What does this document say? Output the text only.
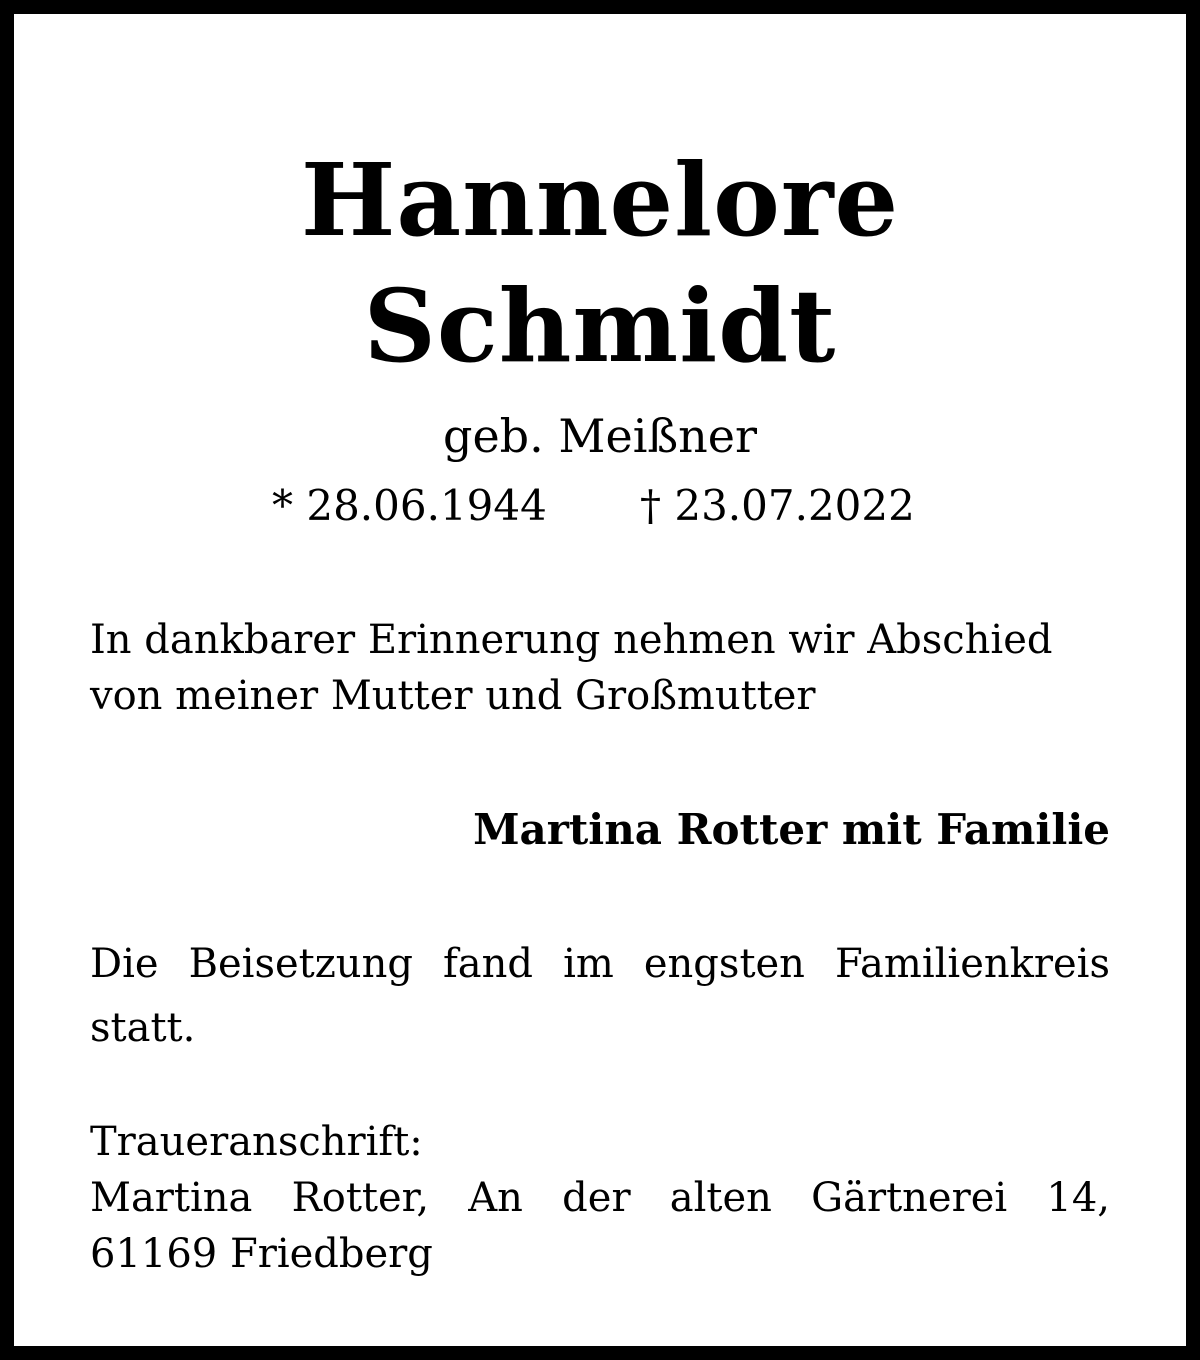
Hannelore
Schmidt
geb. Meißner
* 28.06.1944 † 23.07.2022
In dankbarer Erinnerung nehmen wir Abschied
von meiner Mutter und Großmutter
Martina Rotter mit Familie
Die Beisetzung fand im engsten Familienkreis
statt.
Traueranschrift:
Martina Rotter, An der alten Gärtnerei 14,
61169 Friedberg
